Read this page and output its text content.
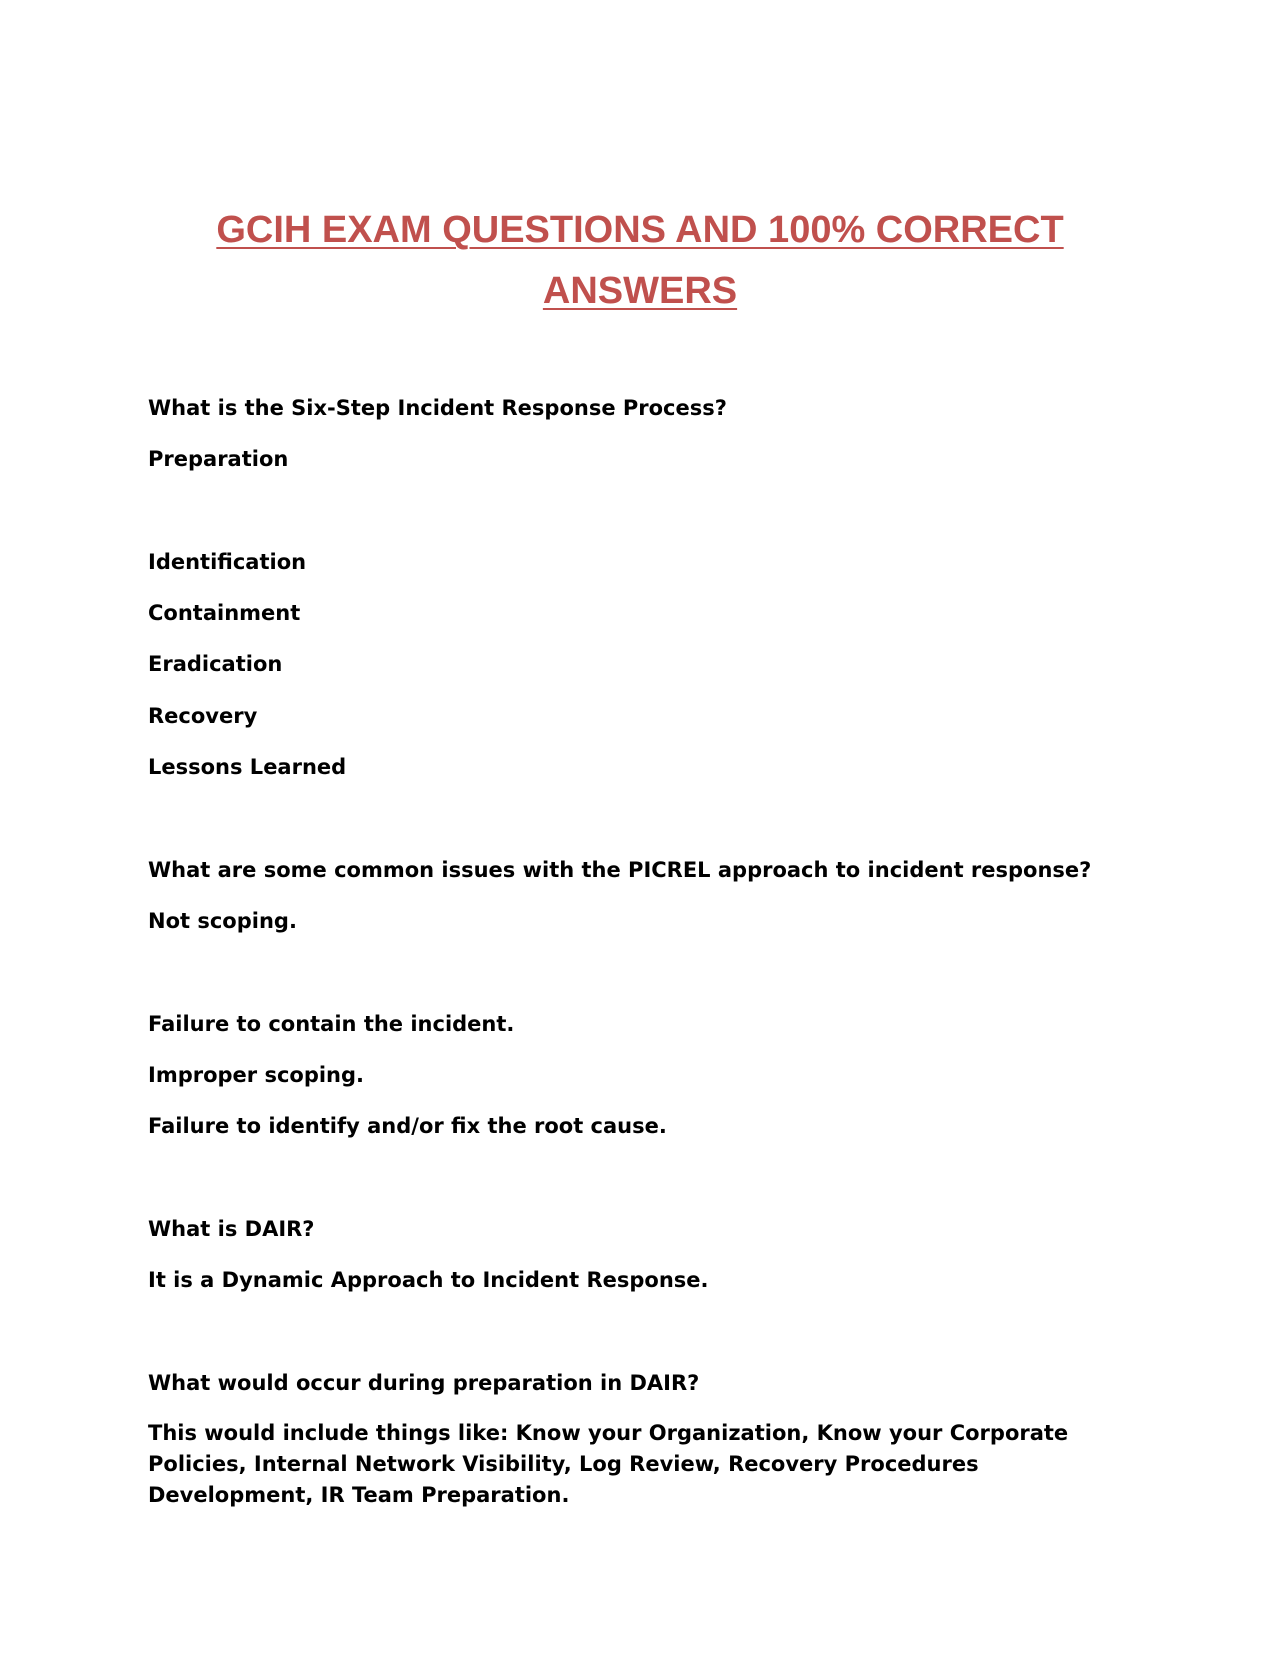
GCIH EXAM QUESTIONS AND 100% CORRECT ANSWERS

What is the Six-Step Incident Response Process?

Preparation

Identification

Containment

Eradication

Recovery

Lessons Learned

What are some common issues with the PICREL approach to incident response?

Not scoping.

Failure to contain the incident.

Improper scoping.

Failure to identify and/or fix the root cause.

What is DAIR?

It is a Dynamic Approach to Incident Response.

What would occur during preparation in DAIR?

This would include things like: Know your Organization, Know your Corporate Policies, Internal Network Visibility, Log Review, Recovery Procedures Development, IR Team Preparation.
